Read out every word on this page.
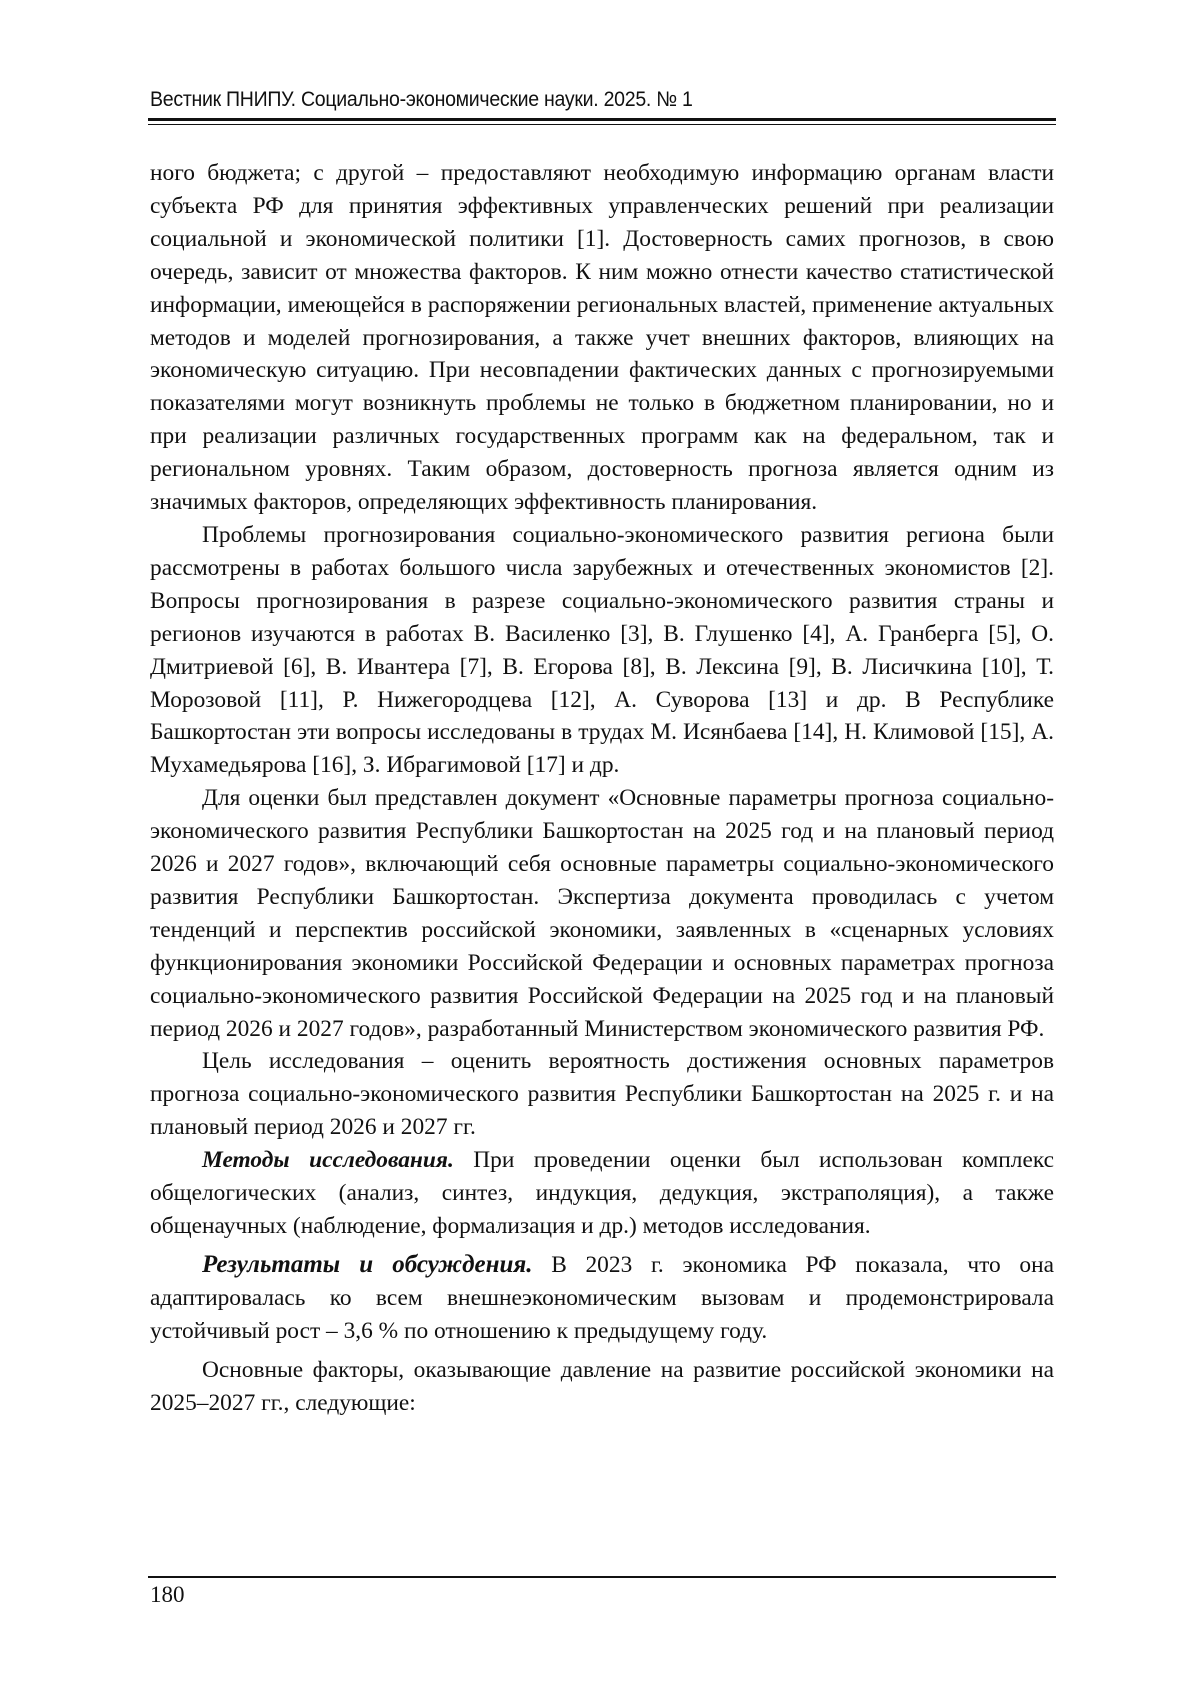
Вестник ПНИПУ. Социально-экономические науки. 2025. № 1

ного бюджета; с другой – предоставляют необходимую информацию органам власти субъекта РФ для принятия эффективных управленческих решений при реализации социальной и экономической политики [1]. Достоверность самих прогнозов, в свою очередь, зависит от множества факторов. К ним можно отнести качество статистической информации, имеющейся в распоряжении региональных властей, применение актуальных методов и моделей прогнозирования, а также учет внешних факторов, влияющих на экономическую ситуацию. При несовпадении фактических данных с прогнозируемыми показателями могут возникнуть проблемы не только в бюджетном планировании, но и при реализации различных государственных программ как на федеральном, так и региональном уровнях. Таким образом, достоверность прогноза является одним из значимых факторов, определяющих эффективность планирования.

Проблемы прогнозирования социально-экономического развития региона были рассмотрены в работах большого числа зарубежных и отечественных экономистов [2]. Вопросы прогнозирования в разрезе социально-экономического развития страны и регионов изучаются в работах В. Василенко [3], В. Глушенко [4], А. Гранберга [5], О. Дмитриевой [6], В. Ивантера [7], В. Егорова [8], В. Лексина [9], В. Лисичкина [10], Т. Морозовой [11], Р. Нижегородцева [12], А. Суворова [13] и др. В Республике Башкортостан эти вопросы исследованы в трудах М. Исянбаева [14], Н. Климовой [15], А. Мухамедьярова [16], З. Ибрагимовой [17] и др.

Для оценки был представлен документ «Основные параметры прогноза социально-экономического развития Республики Башкортостан на 2025 год и на плановый период 2026 и 2027 годов», включающий себя основные параметры социально-экономического развития Республики Башкортостан. Экспертиза документа проводилась с учетом тенденций и перспектив российской экономики, заявленных в «сценарных условиях функционирования экономики Российской Федерации и основных параметрах прогноза социально-экономического развития Российской Федерации на 2025 год и на плановый период 2026 и 2027 годов», разработанный Министерством экономического развития РФ.

Цель исследования – оценить вероятность достижения основных параметров прогноза социально-экономического развития Республики Башкортостан на 2025 г. и на плановый период 2026 и 2027 гг.

Методы исследования. При проведении оценки был использован комплекс общелогических (анализ, синтез, индукция, дедукция, экстраполяция), а также общенаучных (наблюдение, формализация и др.) методов исследования.

Результаты и обсуждения. В 2023 г. экономика РФ показала, что она адаптировалась ко всем внешнеэкономическим вызовам и продемонстрировала устойчивый рост – 3,6 % по отношению к предыдущему году.

Основные факторы, оказывающие давление на развитие российской экономики на 2025–2027 гг., следующие:

180
